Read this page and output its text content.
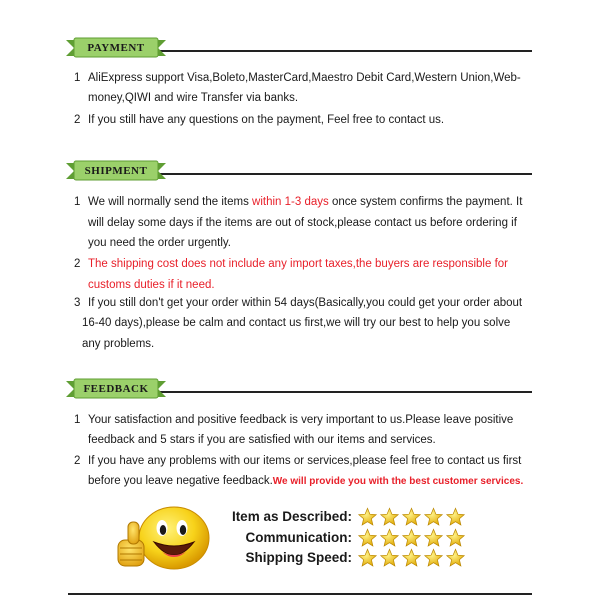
PAYMENT
1 AliExpress support Visa,Boleto,MasterCard,Maestro Debit Card,Western Union,Web-
money,QIWI and wire Transfer via banks.
2 If you still have any questions on the payment, Feel free to contact us.
SHIPMENT
1 We will normally send the items within 1-3 days once system confirms the payment. It
will delay some days if the items are out of stock,please contact us before ordering if
you need the order urgently.
2 The shipping cost does not include any import taxes,the buyers are responsible for
customs duties if it need.
3 If you still don't get your order within 54 days(Basically,you could get your order about
16-40 days),please be calm and contact us first,we will try our best to help you solve
any problems.
FEEDBACK
1 Your satisfaction and positive feedback is very important to us.Please leave positive
feedback and 5 stars if you are satisfied with our items and services.
2 If you have any problems with our items or services,please feel free to contact us first
before you leave negative feedback.We will provide you with the best customer services.
Item as Described:
Communication:
Shipping Speed:
